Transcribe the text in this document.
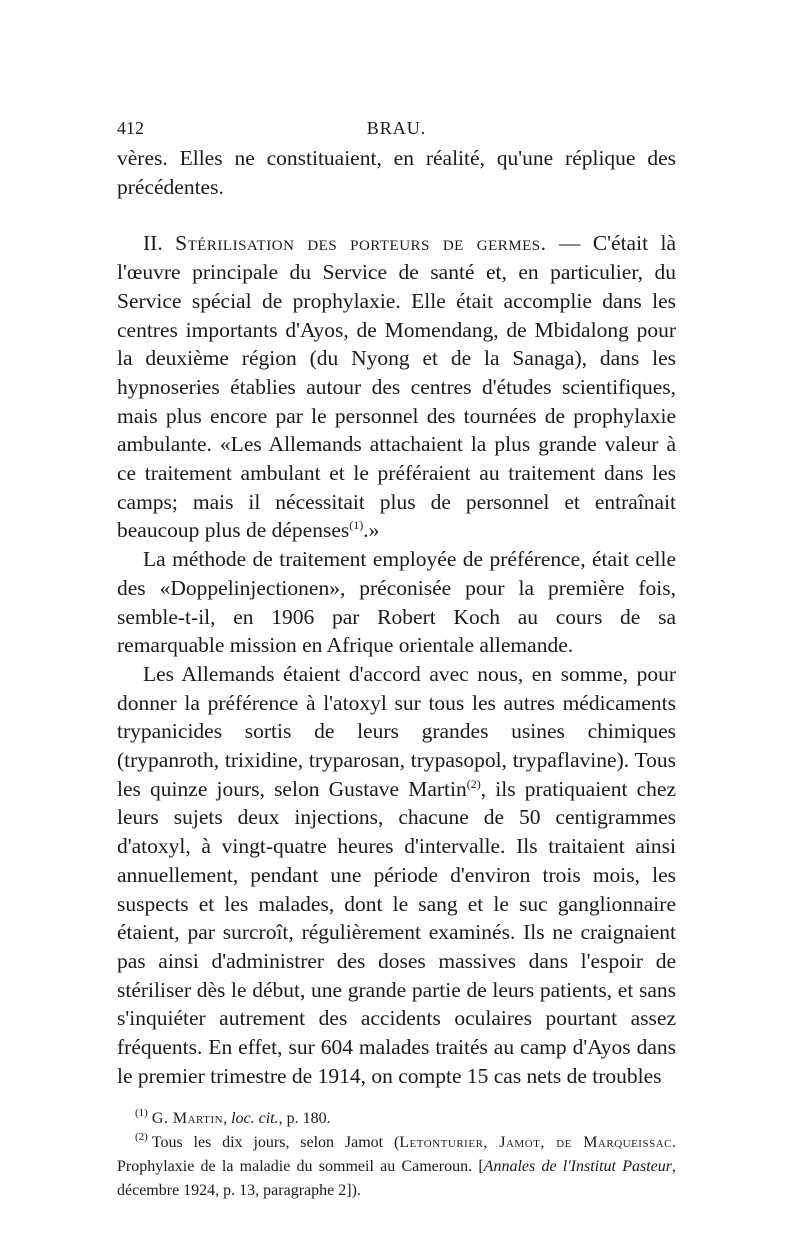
412	BRAU.

vères. Elles ne constituaient, en réalité, qu'une réplique des précédentes.

II. Stérilisation des porteurs de germes. — C'était là l'œuvre principale du Service de santé et, en particulier, du Service spécial de prophylaxie. Elle était accomplie dans les centres importants d'Ayos, de Momendang, de Mbidalong pour la deuxième région (du Nyong et de la Sanaga), dans les hypnoseries établies autour des centres d'études scientifiques, mais plus encore par le personnel des tournées de prophylaxie ambulante. «Les Allemands attachaient la plus grande valeur à ce traitement ambulant et le préféraient au traitement dans les camps; mais il nécessitait plus de personnel et entraînait beaucoup plus de dépenses$^{(1)}$.»

La méthode de traitement employée de préférence, était celle des «Doppelinjectionen», préconisée pour la première fois, semble-t-il, en 1906 par Robert Koch au cours de sa remarquable mission en Afrique orientale allemande.

Les Allemands étaient d'accord avec nous, en somme, pour donner la préférence à l'atoxyl sur tous les autres médicaments trypanicides sortis de leurs grandes usines chimiques (trypanroth, trixidine, tryparosan, trypasopol, trypaflavine). Tous les quinze jours, selon Gustave Martin$^{(2)}$, ils pratiquaient chez leurs sujets deux injections, chacune de 50 centigrammes d'atoxyl, à vingt-quatre heures d'intervalle. Ils traitaient ainsi annuellement, pendant une période d'environ trois mois, les suspects et les malades, dont le sang et le suc ganglionnaire étaient, par surcroît, régulièrement examinés. Ils ne craignaient pas ainsi d'administrer des doses massives dans l'espoir de stériliser dès le début, une grande partie de leurs patients, et sans s'inquiéter autrement des accidents oculaires pourtant assez fréquents. En effet, sur 604 malades traités au camp d'Ayos dans le premier trimestre de 1914, on compte 15 cas nets de troubles

$^{(1)}$ G. Martin, loc. cit., p. 180.

$^{(2)}$ Tous les dix jours, selon Jamot (Letonturier, Jamot, de Marqueissac. Prophylaxie de la maladie du sommeil au Cameroun. [Annales de l'Institut Pasteur, décembre 1924, p. 13, paragraphe 2]).
